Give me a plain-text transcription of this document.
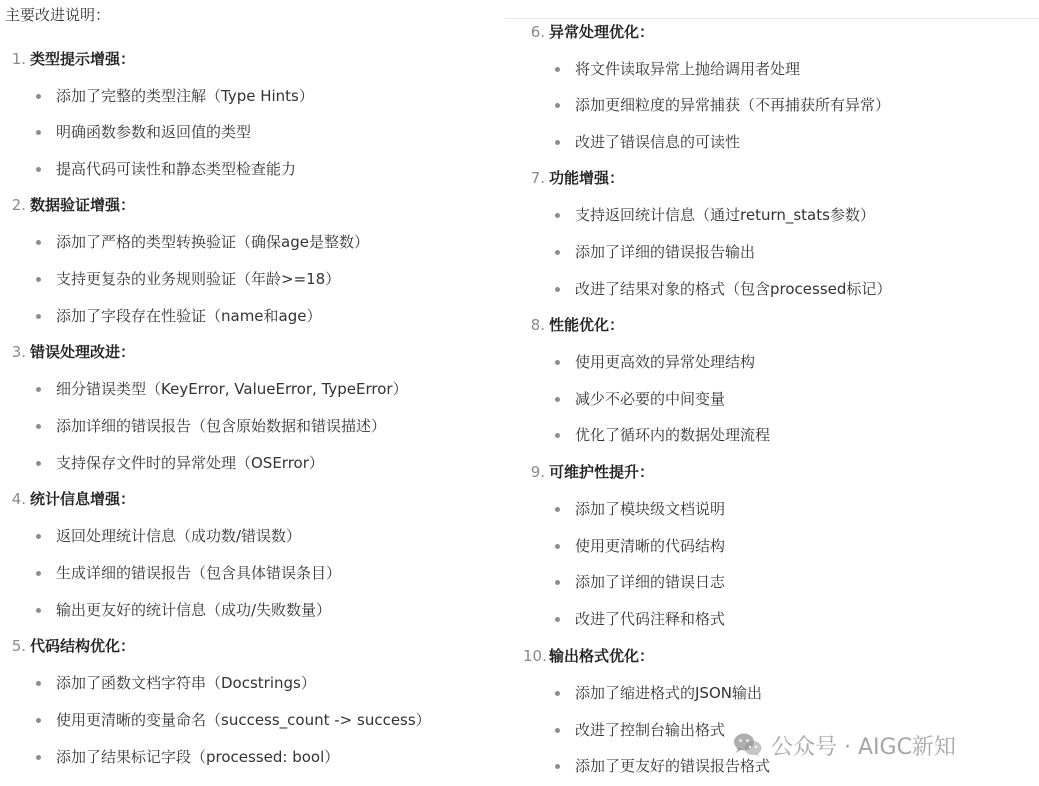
主要改进说明：
1. 类型提示增强：
添加了完整的类型注解（Type Hints）
明确函数参数和返回值的类型
提高代码可读性和静态类型检查能力
2. 数据验证增强：
添加了严格的类型转换验证（确保age是整数）
支持更复杂的业务规则验证（年龄>=18）
添加了字段存在性验证（name和age）
3. 错误处理改进：
细分错误类型（KeyError, ValueError, TypeError）
添加详细的错误报告（包含原始数据和错误描述）
支持保存文件时的异常处理（OSError）
4. 统计信息增强：
返回处理统计信息（成功数/错误数）
生成详细的错误报告（包含具体错误条目）
输出更友好的统计信息（成功/失败数量）
5. 代码结构优化：
添加了函数文档字符串（Docstrings）
使用更清晰的变量命名（success_count -> success）
添加了结果标记字段（processed: bool）
6. 异常处理优化：
将文件读取异常上抛给调用者处理
添加更细粒度的异常捕获（不再捕获所有异常）
改进了错误信息的可读性
7. 功能增强：
支持返回统计信息（通过return_stats参数）
添加了详细的错误报告输出
改进了结果对象的格式（包含processed标记）
8. 性能优化：
使用更高效的异常处理结构
减少不必要的中间变量
优化了循环内的数据处理流程
9. 可维护性提升：
添加了模块级文档说明
使用更清晰的代码结构
添加了详细的错误日志
改进了代码注释和格式
10. 输出格式优化：
添加了缩进格式的JSON输出
改进了控制台输出格式
添加了更友好的错误报告格式
公众号 · AIGC新知
